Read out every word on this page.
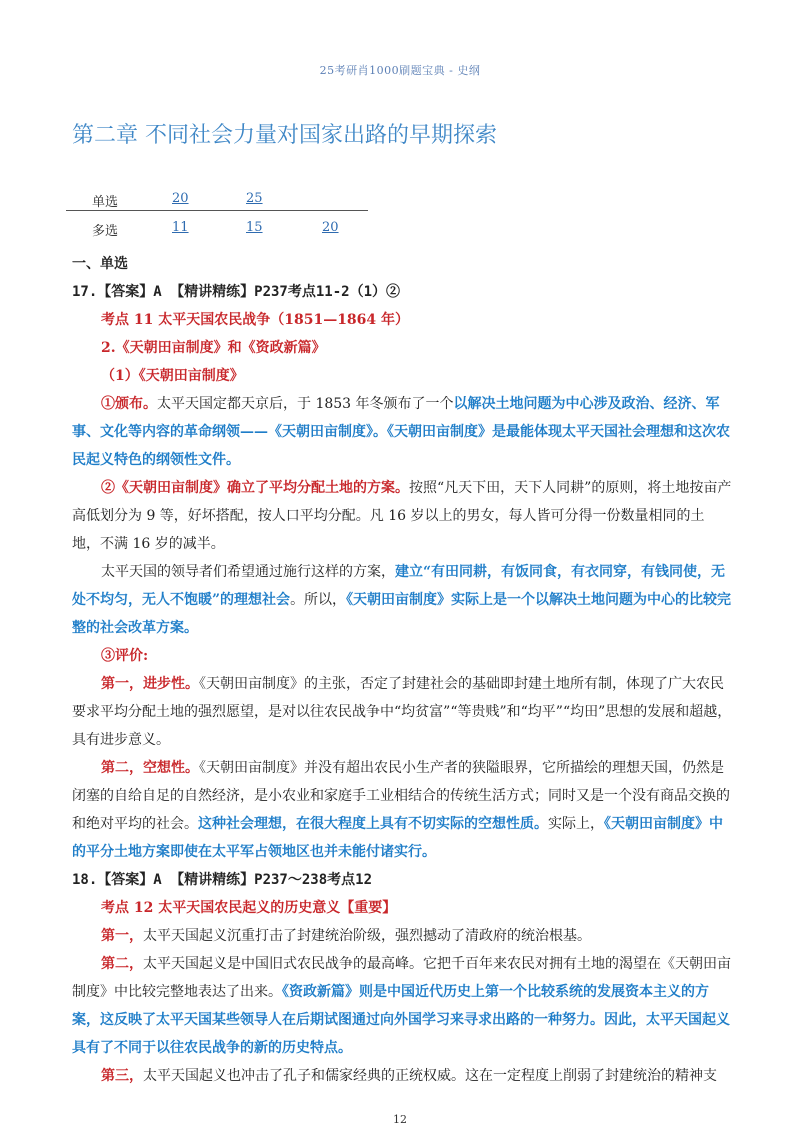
25考研肖1000刷题宝典 - 史纲
第二章 不同社会力量对国家出路的早期探索
单选	20	25
多选	11	15	20

一、单选

17.【答案】A 【精讲精练】P237考点11-2（1）②

考点 11 太平天国农民战争（1851—1864 年）

2.《天朝田亩制度》和《资政新篇》

（1）《天朝田亩制度》

①颁布。太平天国定都天京后，于 1853 年冬颁布了一个以解决土地问题为中心涉及政治、经济、军事、文化等内容的革命纲领——《天朝田亩制度》。《天朝田亩制度》是最能体现太平天国社会理想和这次农民起义特色的纲领性文件。

②《天朝田亩制度》确立了平均分配土地的方案。按照“凡天下田，天下人同耕”的原则，将土地按亩产高低划分为 9 等，好坏搭配，按人口平均分配。凡 16 岁以上的男女，每人皆可分得一份数量相同的土地，不满 16 岁的减半。

太平天国的领导者们希望通过施行这样的方案，建立“有田同耕，有饭同食，有衣同穿，有钱同使，无处不均匀，无人不饱暖”的理想社会。所以，《天朝田亩制度》实际上是一个以解决土地问题为中心的比较完整的社会改革方案。

③评价:

第一，进步性。《天朝田亩制度》的主张，否定了封建社会的基础即封建土地所有制，体现了广大农民要求平均分配土地的强烈愿望，是对以往农民战争中“均贫富”“等贵贱”和“均平”“均田”思想的发展和超越，具有进步意义。

第二，空想性。《天朝田亩制度》并没有超出农民小生产者的狭隘眼界，它所描绘的理想天国，仍然是闭塞的自给自足的自然经济，是小农业和家庭手工业相结合的传统生活方式；同时又是一个没有商品交换的和绝对平均的社会。这种社会理想，在很大程度上具有不切实际的空想性质。实际上，《天朝田亩制度》中的平分土地方案即使在太平军占领地区也并未能付诸实行。

18.【答案】A 【精讲精练】P237～238考点12

考点 12 太平天国农民起义的历史意义【重要】

第一，太平天国起义沉重打击了封建统治阶级，强烈撼动了清政府的统治根基。

第二，太平天国起义是中国旧式农民战争的最高峰。它把千百年来农民对拥有土地的渴望在《天朝田亩制度》中比较完整地表达了出来。《资政新篇》则是中国近代历史上第一个比较系统的发展资本主义的方案，这反映了太平天国某些领导人在后期试图通过向外国学习来寻求出路的一种努力。因此，太平天国起义具有了不同于以往农民战争的新的历史特点。

第三，太平天国起义也冲击了孔子和儒家经典的正统权威。这在一定程度上削弱了封建统治的精神支

12
